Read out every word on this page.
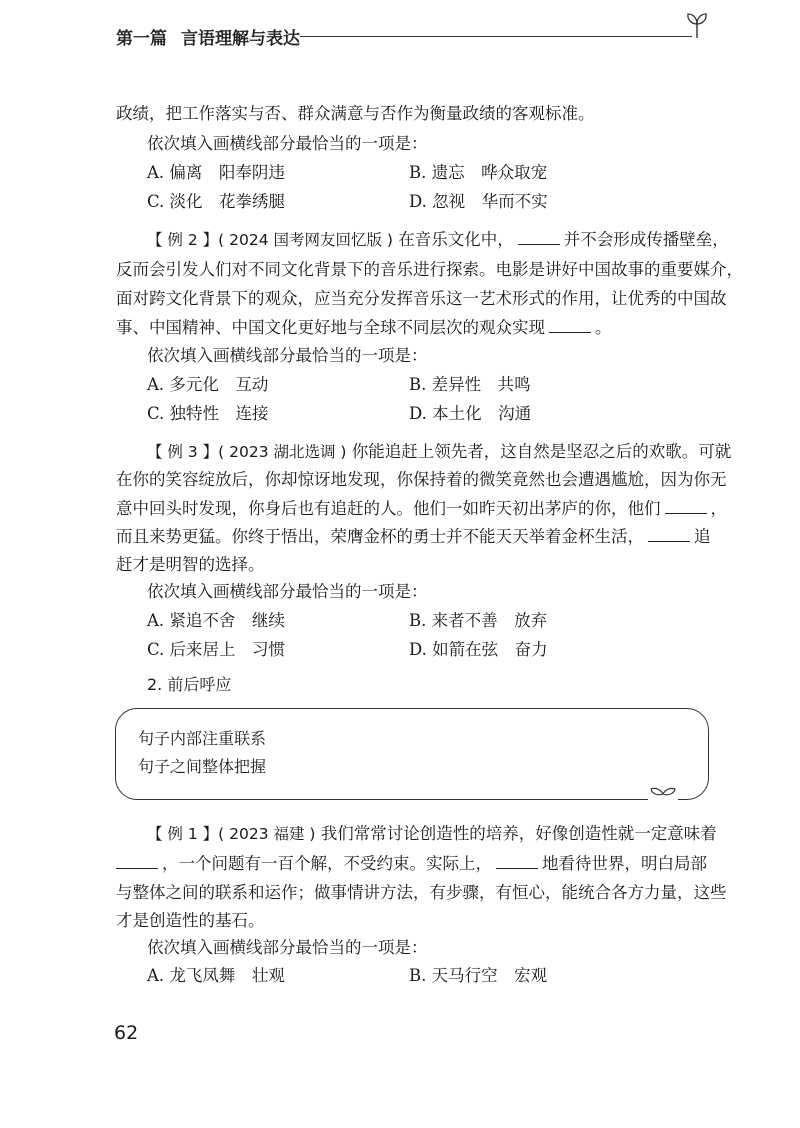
第一篇 言语理解与表达
政绩，把工作落实与否、群众满意与否作为衡量政绩的客观标准。
依次填入画横线部分最恰当的一项是：
A. 偏离　阳奉阴违	B. 遗忘　哗众取宠
C. 淡化　花拳绣腿	D. 忽视　华而不实
【 例 2 】( 2024 国考网友回忆版 ) 在音乐文化中，	并不会形成传播壁垒，
反而会引发人们对不同文化背景下的音乐进行探索。电影是讲好中国故事的重要媒介，
面对跨文化背景下的观众，应当充分发挥音乐这一艺术形式的作用，让优秀的中国故
事、中国精神、中国文化更好地与全球不同层次的观众实现	。
依次填入画横线部分最恰当的一项是：
A. 多元化　互动	B. 差异性　共鸣
C. 独特性　连接	D. 本土化　沟通
【 例 3 】( 2023 湖北选调 ) 你能追赶上领先者，这自然是坚忍之后的欢歌。可就
在你的笑容绽放后，你却惊讶地发现，你保持着的微笑竟然也会遭遇尴尬，因为你无
意中回头时发现，你身后也有追赶的人。他们一如昨天初出茅庐的你，他们	，
而且来势更猛。你终于悟出，荣膺金杯的勇士并不能天天举着金杯生活，	追
赶才是明智的选择。
依次填入画横线部分最恰当的一项是：
A. 紧追不舍　继续	B. 来者不善　放弃
C. 后来居上　习惯	D. 如箭在弦　奋力
2. 前后呼应
句子内部注重联系
句子之间整体把握
【 例 1 】( 2023 福建 ) 我们常常讨论创造性的培养，好像创造性就一定意味着
，一个问题有一百个解，不受约束。实际上，	地看待世界，明白局部
与整体之间的联系和运作；做事情讲方法，有步骤，有恒心，能统合各方力量，这些
才是创造性的基石。
依次填入画横线部分最恰当的一项是：
A. 龙飞凤舞　壮观	B. 天马行空　宏观
62
